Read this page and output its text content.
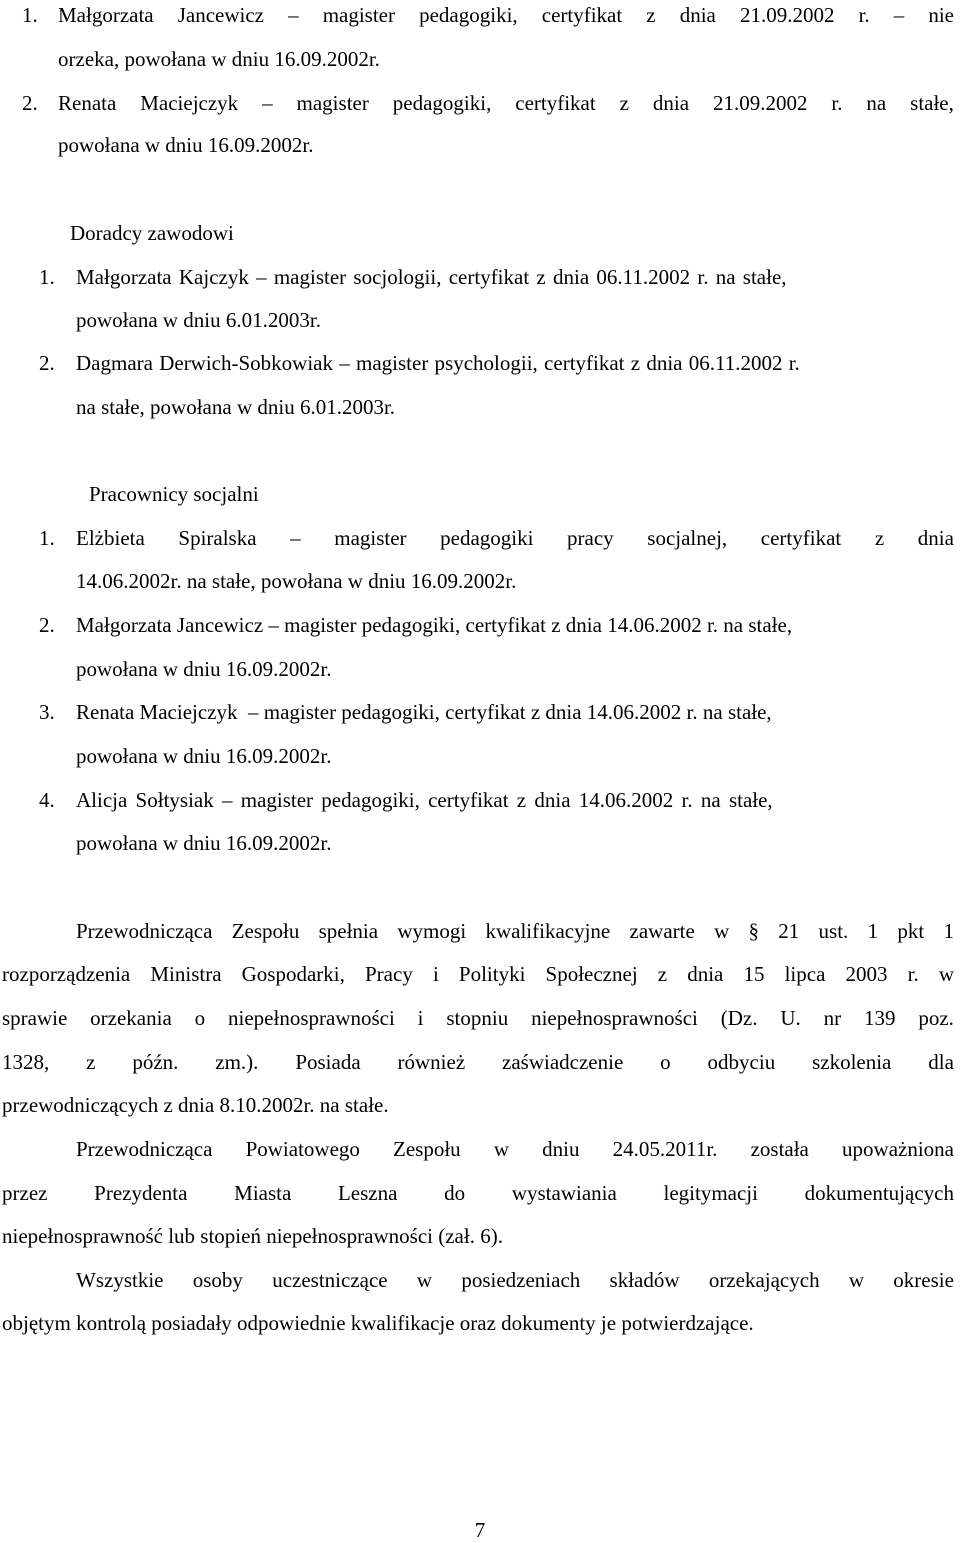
1. Małgorzata Jancewicz – magister pedagogiki, certyfikat z dnia 21.09.2002 r. – nie
orzeka, powołana w dniu 16.09.2002r.
2. Renata Maciejczyk – magister pedagogiki, certyfikat z dnia 21.09.2002 r. na stałe,
powołana w dniu 16.09.2002r.
Doradcy zawodowi
1. Małgorzata Kajczyk – magister socjologii, certyfikat z dnia 06.11.2002 r. na stałe,
powołana w dniu 6.01.2003r.
2. Dagmara Derwich-Sobkowiak – magister psychologii, certyfikat z dnia 06.11.2002 r.
na stałe, powołana w dniu 6.01.2003r.
Pracownicy socjalni
1. Elżbieta Spiralska – magister pedagogiki pracy socjalnej, certyfikat z dnia
14.06.2002r. na stałe, powołana w dniu 16.09.2002r.
2. Małgorzata Jancewicz – magister pedagogiki, certyfikat z dnia 14.06.2002 r. na stałe,
powołana w dniu 16.09.2002r.
3. Renata Maciejczyk  – magister pedagogiki, certyfikat z dnia 14.06.2002 r. na stałe,
powołana w dniu 16.09.2002r.
4. Alicja Sołtysiak – magister pedagogiki, certyfikat z dnia 14.06.2002 r. na stałe,
powołana w dniu 16.09.2002r.
Przewodnicząca Zespołu spełnia wymogi kwalifikacyjne zawarte w § 21 ust. 1 pkt 1
rozporządzenia Ministra Gospodarki, Pracy i Polityki Społecznej z dnia 15 lipca 2003 r. w
sprawie orzekania o niepełnosprawności i stopniu niepełnosprawności (Dz. U. nr 139 poz.
1328, z późn. zm.). Posiada również zaświadczenie o odbyciu szkolenia dla
przewodniczących z dnia 8.10.2002r. na stałe.
Przewodnicząca Powiatowego Zespołu w dniu 24.05.2011r. została upoważniona
przez Prezydenta Miasta Leszna do wystawiania legitymacji dokumentujących
niepełnosprawność lub stopień niepełnosprawności (zał. 6).
Wszystkie osoby uczestniczące w posiedzeniach składów orzekających w okresie
objętym kontrolą posiadały odpowiednie kwalifikacje oraz dokumenty je potwierdzające.
7
